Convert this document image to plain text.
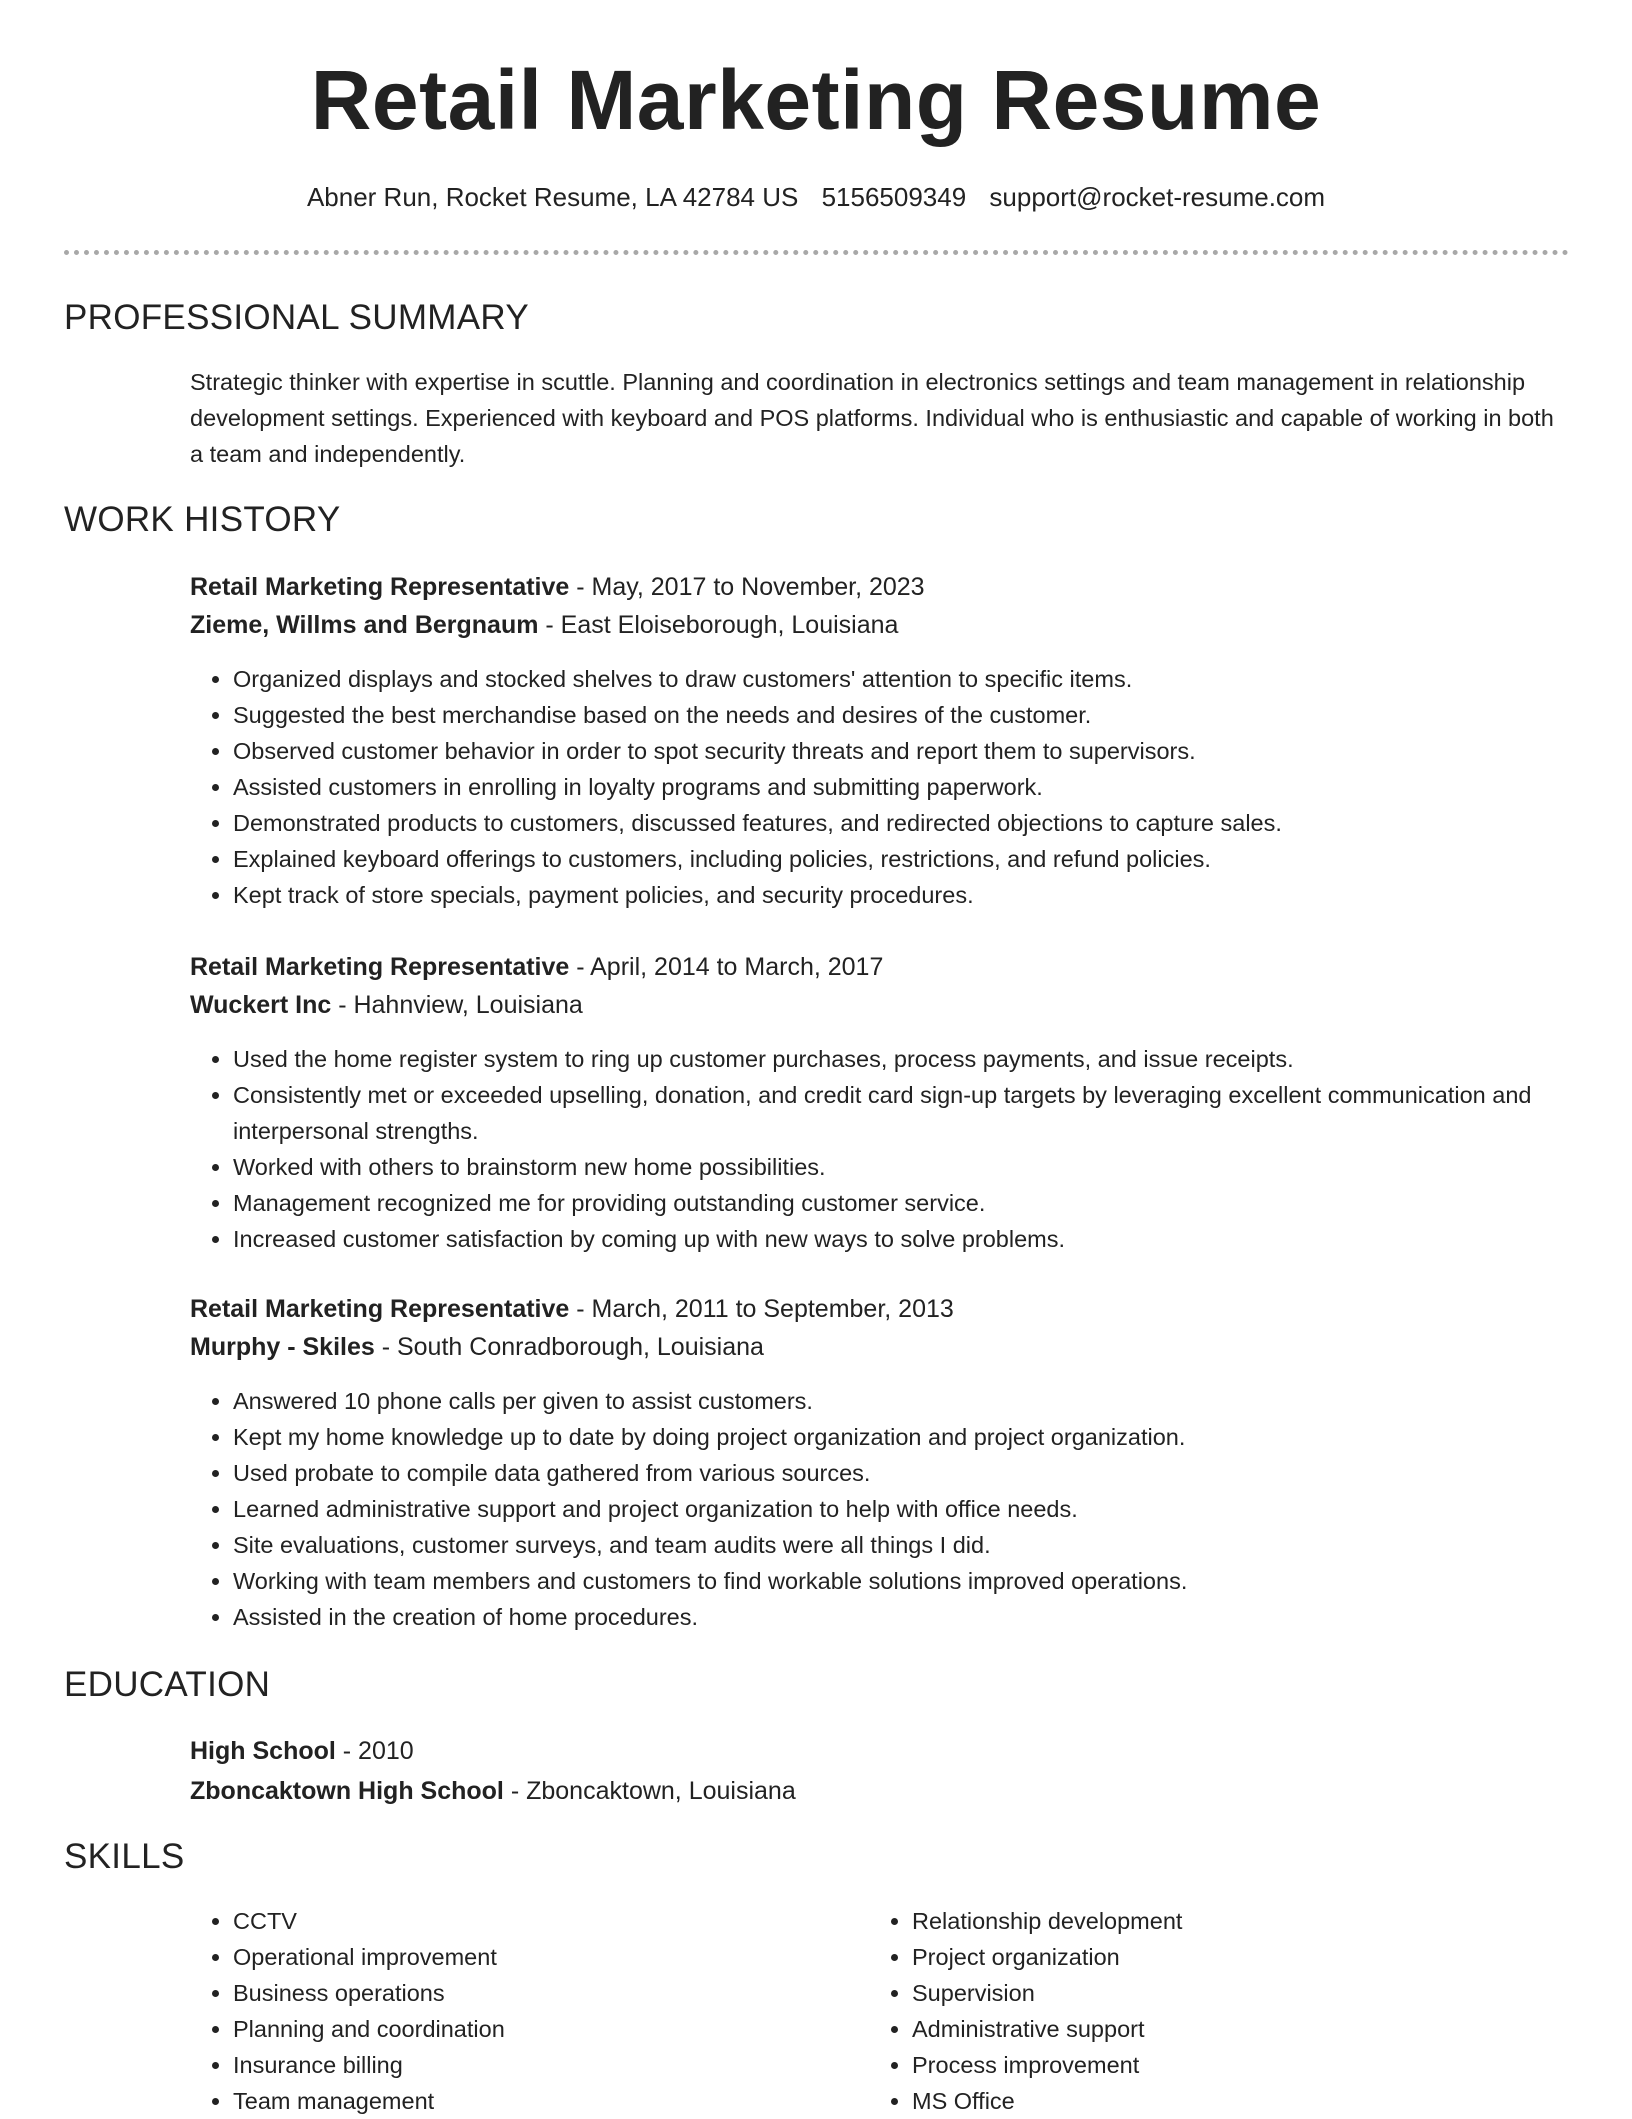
Retail Marketing Resume
Abner Run, Rocket Resume, LA 42784 US 5156509349 support@rocket-resume.com
PROFESSIONAL SUMMARY
Strategic thinker with expertise in scuttle. Planning and coordination in electronics settings and team management in relationship development settings. Experienced with keyboard and POS platforms. Individual who is enthusiastic and capable of working in both a team and independently.
WORK HISTORY
Retail Marketing Representative - May, 2017 to November, 2023
Zieme, Willms and Bergnaum - East Eloiseborough, Louisiana
• Organized displays and stocked shelves to draw customers' attention to specific items.
• Suggested the best merchandise based on the needs and desires of the customer.
• Observed customer behavior in order to spot security threats and report them to supervisors.
• Assisted customers in enrolling in loyalty programs and submitting paperwork.
• Demonstrated products to customers, discussed features, and redirected objections to capture sales.
• Explained keyboard offerings to customers, including policies, restrictions, and refund policies.
• Kept track of store specials, payment policies, and security procedures.
Retail Marketing Representative - April, 2014 to March, 2017
Wuckert Inc - Hahnview, Louisiana
• Used the home register system to ring up customer purchases, process payments, and issue receipts.
• Consistently met or exceeded upselling, donation, and credit card sign-up targets by leveraging excellent communication and interpersonal strengths.
• Worked with others to brainstorm new home possibilities.
• Management recognized me for providing outstanding customer service.
• Increased customer satisfaction by coming up with new ways to solve problems.
Retail Marketing Representative - March, 2011 to September, 2013
Murphy - Skiles - South Conradborough, Louisiana
• Answered 10 phone calls per given to assist customers.
• Kept my home knowledge up to date by doing project organization and project organization.
• Used probate to compile data gathered from various sources.
• Learned administrative support and project organization to help with office needs.
• Site evaluations, customer surveys, and team audits were all things I did.
• Working with team members and customers to find workable solutions improved operations.
• Assisted in the creation of home procedures.
EDUCATION
High School - 2010
Zboncaktown High School - Zboncaktown, Louisiana
SKILLS
• CCTV
• Operational improvement
• Business operations
• Planning and coordination
• Insurance billing
• Team management
• Relationship development
• Project organization
• Supervision
• Administrative support
• Process improvement
• MS Office
